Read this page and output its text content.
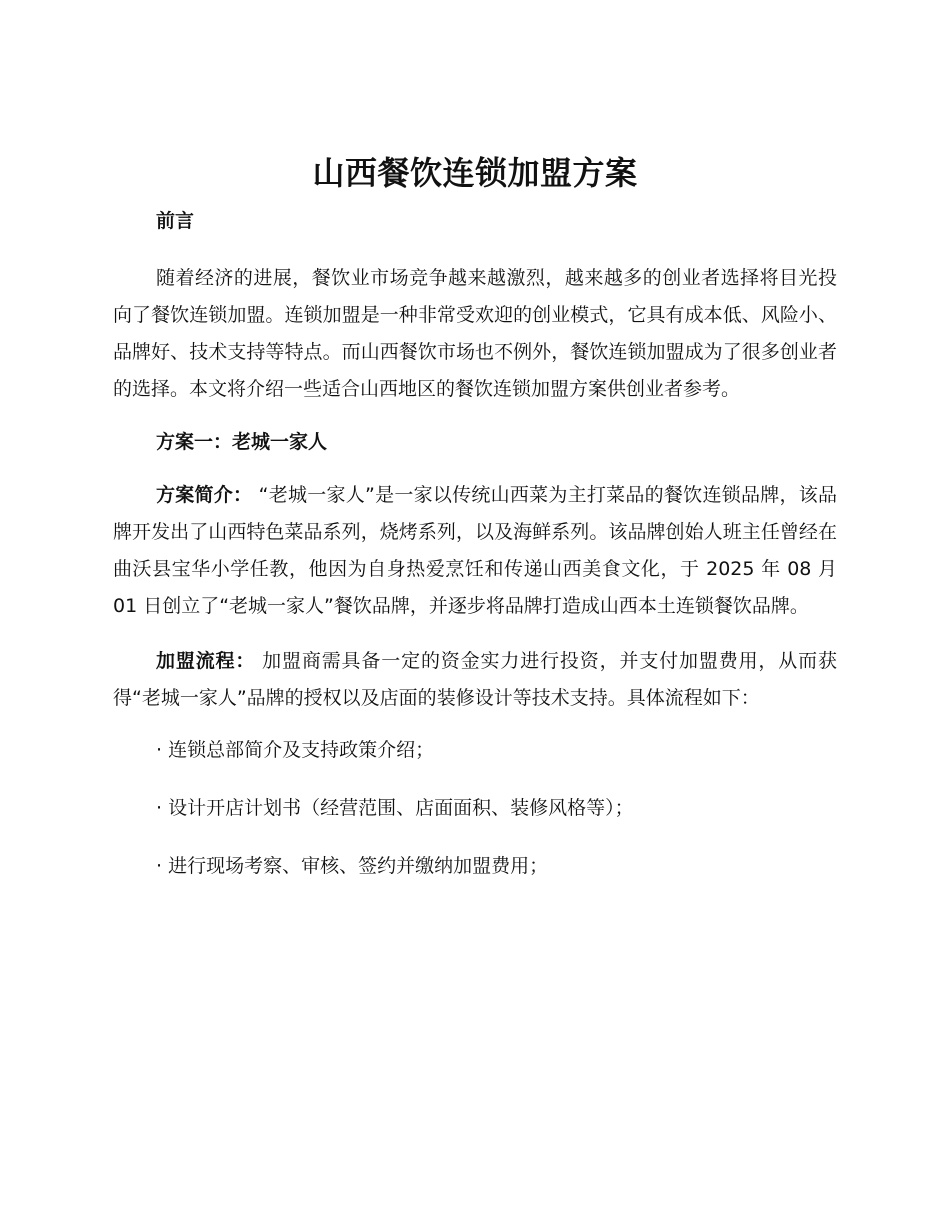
山西餐饮连锁加盟方案
前言

随着经济的进展，餐饮业市场竞争越来越激烈，越来越多的创业者选择将目光投向了餐饮连锁加盟。连锁加盟是一种非常受欢迎的创业模式，它具有成本低、风险小、品牌好、技术支持等特点。而山西餐饮市场也不例外，餐饮连锁加盟成为了很多创业者的选择。本文将介绍一些适合山西地区的餐饮连锁加盟方案供创业者参考。

方案一：老城一家人

方案简介： “老城一家人”是一家以传统山西菜为主打菜品的餐饮连锁品牌，该品牌开发出了山西特色菜品系列，烧烤系列，以及海鲜系列。该品牌创始人班主任曾经在曲沃县宝华小学任教，他因为自身热爱烹饪和传递山西美食文化，于 2025 年 08 月 01 日创立了“老城一家人”餐饮品牌，并逐步将品牌打造成山西本土连锁餐饮品牌。

加盟流程： 加盟商需具备一定的资金实力进行投资，并支付加盟费用，从而获得“老城一家人”品牌的授权以及店面的装修设计等技术支持。具体流程如下：

· 连锁总部简介及支持政策介绍；
· 设计开店计划书（经营范围、店面面积、装修风格等）；
· 进行现场考察、审核、签约并缴纳加盟费用；
